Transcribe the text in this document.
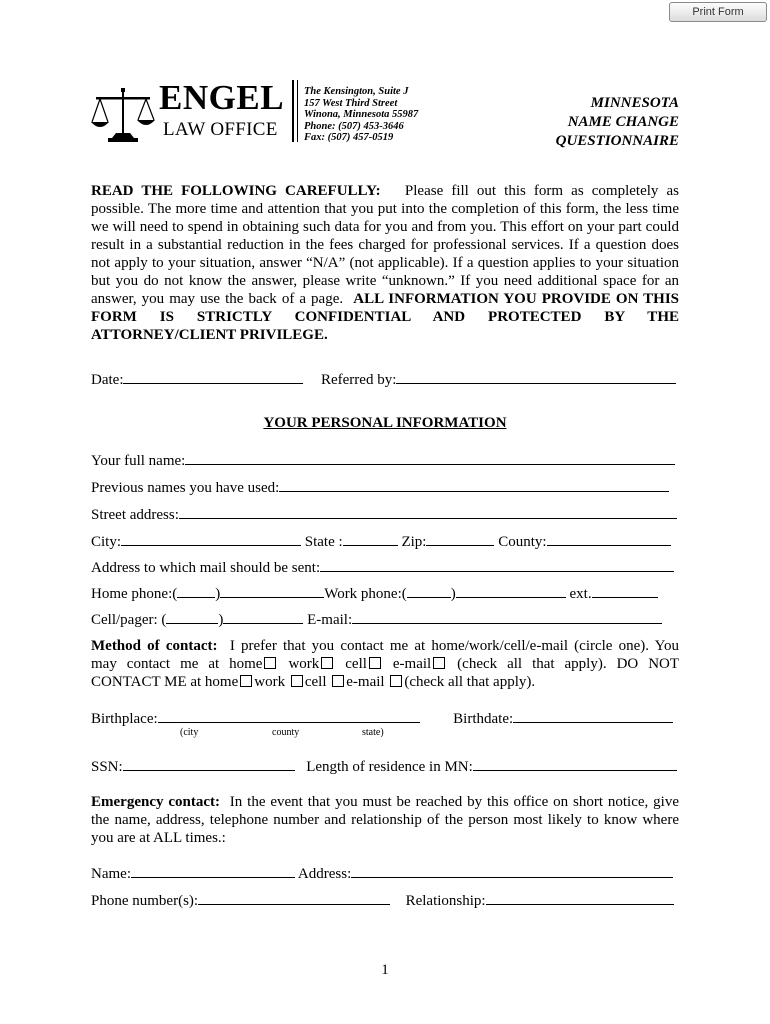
Print Form
ENGEL
LAW OFFICE
The Kensington, Suite J
157 West Third Street
Winona, Minnesota 55987
Phone: (507) 453-3646
Fax: (507) 457-0519
MINNESOTA
NAME CHANGE
QUESTIONNAIRE
READ THE FOLLOWING CAREFULLY: Please fill out this form as completely as possible. The more time and attention that you put into the completion of this form, the less time we will need to spend in obtaining such data for you and from you. This effort on your part could result in a substantial reduction in the fees charged for professional services. If a question does not apply to your situation, answer “N/A” (not applicable). If a question applies to your situation but you do not know the answer, please write “unknown.” If you need additional space for an answer, you may use the back of a page. ALL INFORMATION YOU PROVIDE ON THIS FORM IS STRICTLY CONFIDENTIAL AND PROTECTED BY THE ATTORNEY/CLIENT PRIVILEGE.
Date:	Referred by:
YOUR PERSONAL INFORMATION
Your full name:
Previous names you have used:
Street address:
City:	State :	Zip:	County:
Address to which mail should be sent:
Home phone:(	)	Work phone:(	)	ext.
Cell/pager: (	)	E-mail:
Method of contact: I prefer that you contact me at home/work/cell/e-mail (circle one). You
may contact me at home work cell e-mail (check all that apply). DO NOT
CONTACT ME at home work cell e-mail (check all that apply).
Birthplace:	Birthdate:
(city	county	state)
SSN:	Length of residence in MN:
Emergency contact: In the event that you must be reached by this office on short notice, give the name, address, telephone number and relationship of the person most likely to know where you are at ALL times.:
Name:	Address:
Phone number(s):	Relationship:
1
